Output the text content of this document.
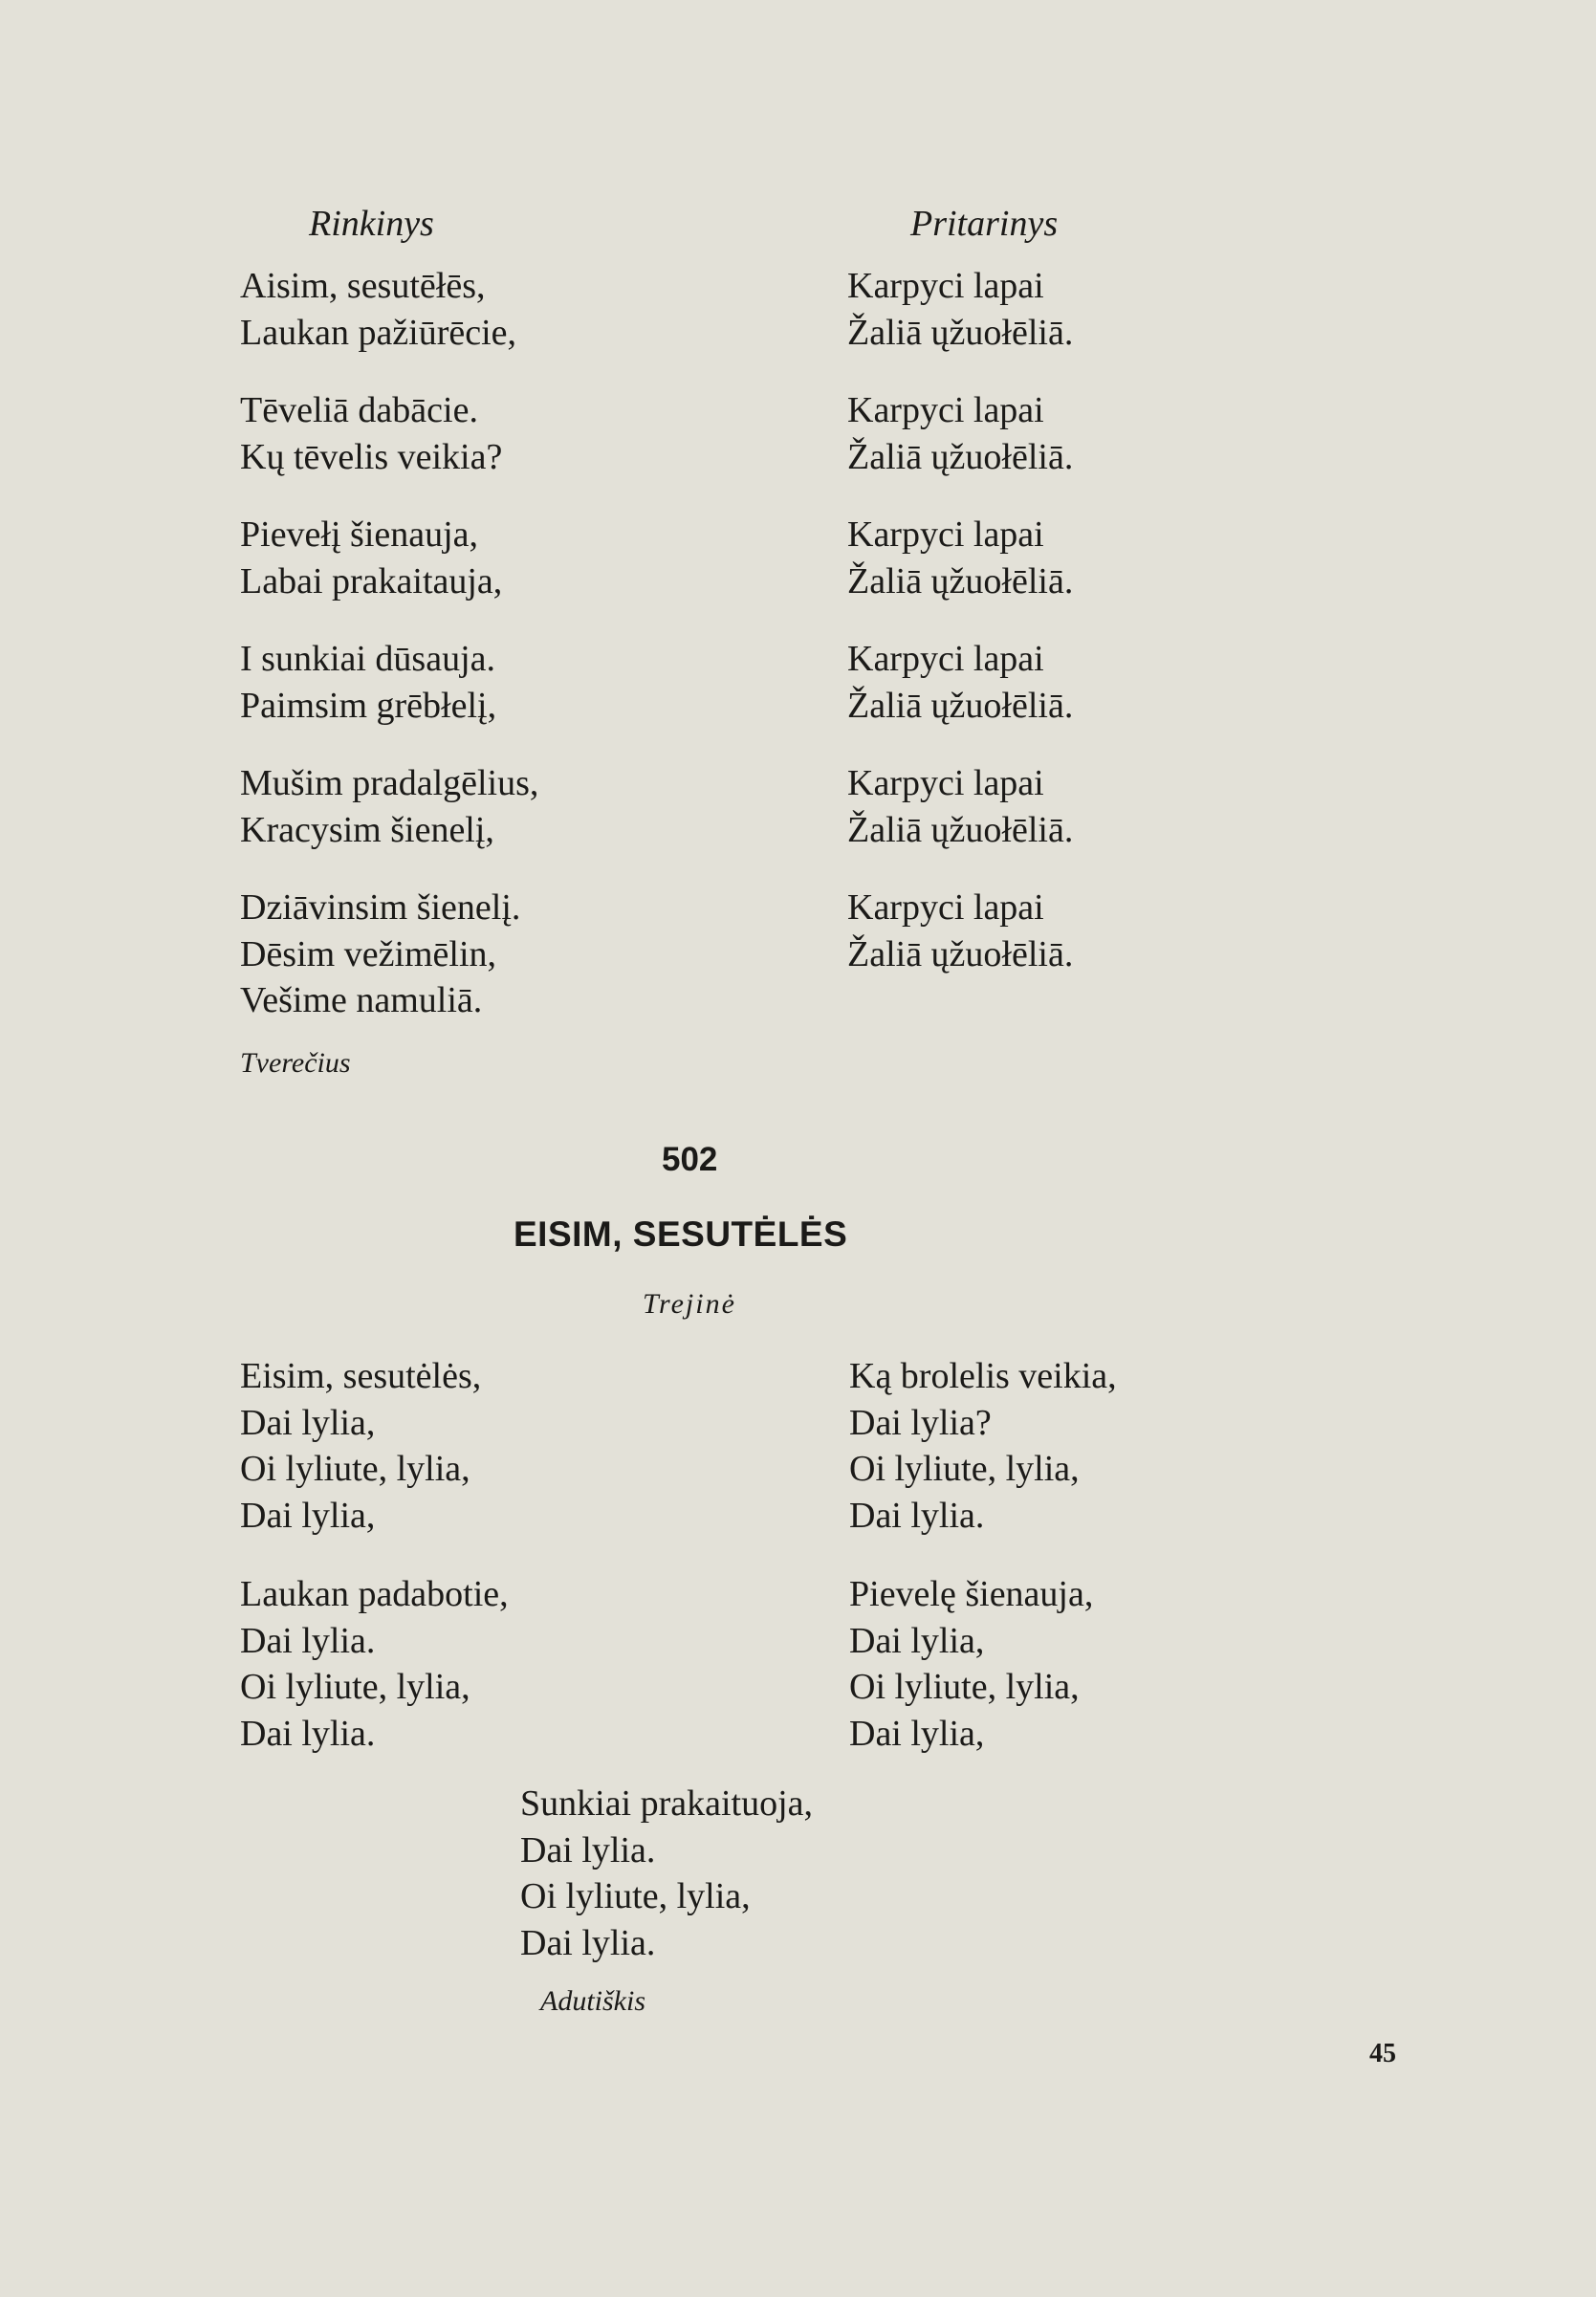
Rinkinys	Pritarinys
Aisim, sesutēłēs,
Laukan pažiūrēcie,
Tēveliā dabācie.
Kų tēvelis veikia?
Pievełį šienauja,
Labai prakaitauja,
I sunkiai dūsauja.
Paimsim grēbłelį,
Mušim pradalgēlius,
Kracysim šienelį,
Dziāvinsim šienelį.
Dēsim vežimēlin,
Vešime namuliā.
Karpyci lapai
Žaliā ųžuołēliā.
Karpyci lapai
Žaliā ųžuołēliā.
Karpyci lapai
Žaliā ųžuołēliā.
Karpyci lapai
Žaliā ųžuołēliā.
Karpyci lapai
Žaliā ųžuołēliā.
Karpyci lapai
Žaliā ųžuołēliā.
Tverečius
502
EISIM, SESUTĖLĖS
Trejinė
Eisim, sesutėlės,
Dai lylia,
Oi lyliute, lylia,
Dai lylia,
Laukan padabotie,
Dai lylia.
Oi lyliute, lylia,
Dai lylia.
Ką brolelis veikia,
Dai lylia?
Oi lyliute, lylia,
Dai lylia.
Pievelę šienauja,
Dai lylia,
Oi lyliute, lylia,
Dai lylia,
Sunkiai prakaituoja,
Dai lylia.
Oi lyliute, lylia,
Dai lylia.
Adutiškis
45
